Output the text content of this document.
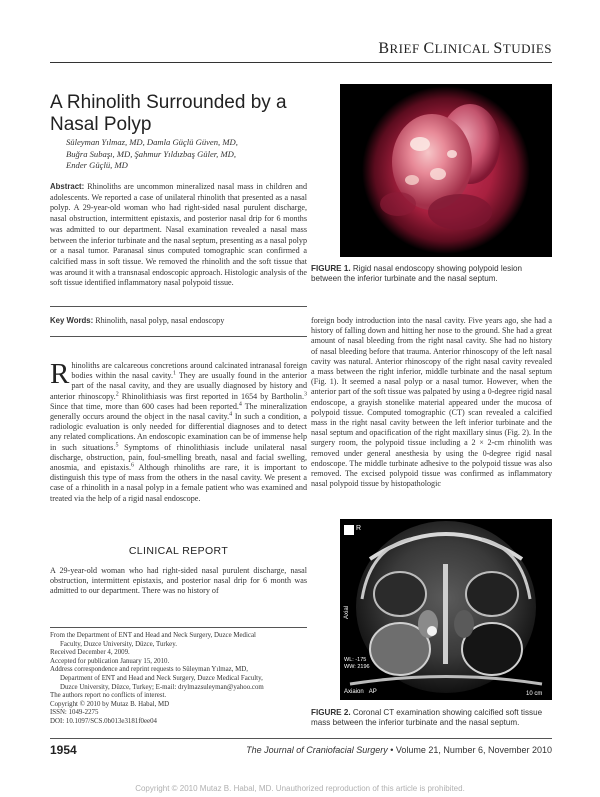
BRIEF CLINICAL STUDIES
A Rhinolith Surrounded by a Nasal Polyp
Süleyman Yılmaz, MD, Damla Güçlü Güven, MD,
Buğra Subaşı, MD, Şahmur Yıldızbaş Güler, MD,
Ender Güçlü, MD
Abstract: Rhinoliths are uncommon mineralized nasal mass in children and adolescents. We reported a case of unilateral rhinolith that presented as a nasal polyp. A 29-year-old woman who had right-sided nasal purulent discharge, nasal obstruction, intermittent epistaxis, and posterior nasal drip for 6 months was admitted to our department. Nasal examination revealed a nasal mass between the inferior turbinate and the nasal septum, presenting as a nasal polyp or a nasal tumor. Paranasal sinus computed tomographic scan confirmed a calcified mass in soft tissue. We removed the rhinolith and the soft tissue that was around it with a transnasal endoscopic approach. Histologic analysis of the soft tissue identified inflammatory nasal polypoid tissue.
Key Words: Rhinolith, nasal polyp, nasal endoscopy
Rhinoliths are calcareous concretions around calcinated intranasal foreign bodies within the nasal cavity.$^1$ They are usually found in the anterior part of the nasal cavity, and they are usually diagnosed by history and anterior rhinoscopy.$^2$ Rhinolithiasis was first reported in 1654 by Bartholin.$^3$ Since that time, more than 600 cases had been reported.$^4$ The mineralization generally occurs around the object in the nasal cavity.$^4$ In such a condition, a radiologic evaluation is only needed for differential diagnoses and to detect any related complications. An endoscopic examination can be of immense help in such situations.$^5$ Symptoms of rhinolithiasis include unilateral nasal discharge, obstruction, pain, foul-smelling breath, nasal and facial swelling, anosmia, and epistaxis.$^6$ Although rhinoliths are rare, it is important to distinguish this type of mass from the others in the nasal cavity. We present a case of a rhinolith in a nasal polyp in a female patient who was examined and treated via the help of a rigid nasal endoscope.
CLINICAL REPORT
A 29-year-old woman who had right-sided nasal purulent discharge, nasal obstruction, intermittent epistaxis, and posterior nasal drip for 6 month was admitted to our department. There was no history of
From the Department of ENT and Head and Neck Surgery, Duzce Medical
Faculty, Duzce University, Düzce, Turkey.
Received December 4, 2009.
Accepted for publication January 15, 2010.
Address correspondence and reprint requests to Süleyman Yılmaz, MD,
Department of ENT and Head and Neck Surgery, Duzce Medical Faculty,
Duzce University, Düzce, Turkey; E-mail: drylmazsuleyman@yahoo.com
The authors report no conflicts of interest.
Copyright © 2010 by Mutaz B. Habal, MD
ISSN: 1049-2275
DOI: 10.1097/SCS.0b013e3181f0ee04
foreign body introduction into the nasal cavity. Five years ago, she had a history of falling down and hitting her nose to the ground. She had a great amount of nasal bleeding from the right nasal cavity. She had no history of nasal bleeding before that trauma. Anterior rhinoscopy of the left nasal cavity was natural. Anterior rhinoscopy of the right nasal cavity revealed a mass between the right inferior, middle turbinate and the nasal septum (Fig. 1). It seemed a nasal polyp or a nasal tumor. However, when the anterior part of the soft tissue was palpated by using a 0-degree rigid nasal endoscope, a grayish stonelike material appeared under the mucosa of polypoid tissue. Computed tomographic (CT) scan revealed a calcified mass in the right nasal cavity between the left inferior turbinate and the nasal septum and opacification of the right maxillary sinus (Fig. 2). In the surgery room, the polypoid tissue including a 2 × 2-cm rhinolith was removed under general anesthesia by using the 0-degree rigid nasal endoscope. The middle turbinate adhesive to the polypoid tissue was also removed. The excised polypoid tissue was confirmed as inflammatory nasal polypoid tissue by histopathologic
FIGURE 1. Rigid nasal endoscopy showing polypoid lesion between the inferior turbinate and the nasal septum.
10 cm
R
WL: -175
WW: 2196
Axial
Axiaion AP
FIGURE 2. Coronal CT examination showing calcified soft tissue mass between the inferior turbinate and the nasal septum.
1954	The Journal of Craniofacial Surgery • Volume 21, Number 6, November 2010
Copyright © 2010 Mutaz B. Habal, MD. Unauthorized reproduction of this article is prohibited.
